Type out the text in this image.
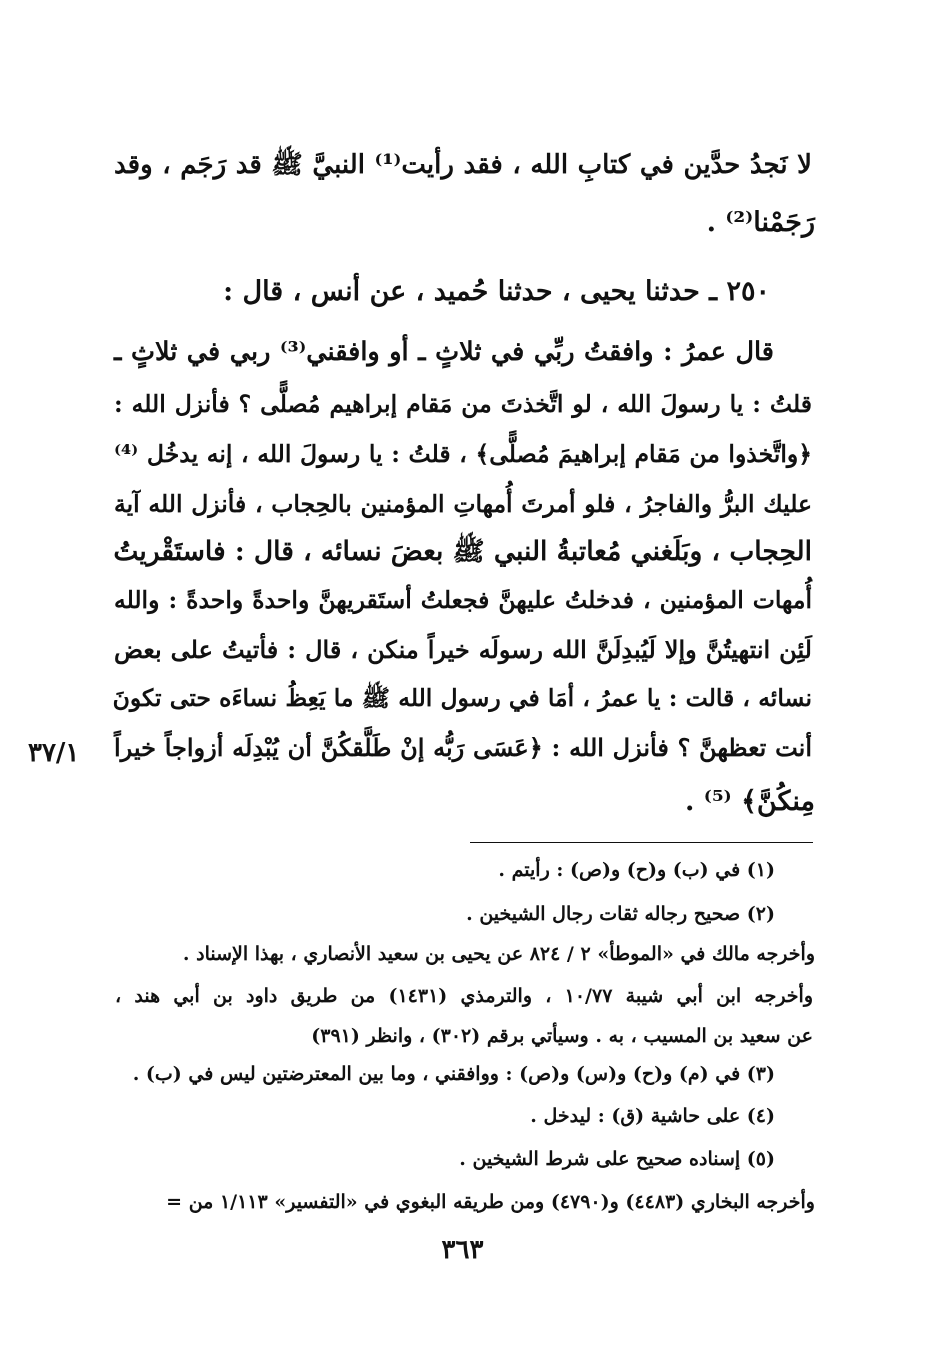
لا نَجدُ حدَّين في كتابِ الله ، فقد رأيت⁽¹⁾ النبيَّ ﷺ قد رَجَم ، وقد

رَجَمْنا⁽²⁾ .

٢٥٠ ـ حدثنا يحيى ، حدثنا حُميد ، عن أنس ، قال :

قال عمرُ : وافقتُ ربِّي في ثلاثٍ ـ أو وافقني⁽³⁾ ربي في ثلاثٍ ـ

قلتُ : يا رسولَ الله ، لو اتَّخذتَ من مَقام إبراهيم مُصلًّى ؟ فأنزل الله :

﴿واتَّخذوا من مَقام إبراهيمَ مُصلًّى﴾ ، قلتُ : يا رسولَ الله ، إنه يدخُل ⁽⁴⁾

عليك البرُّ والفاجرُ ، فلو أمرتَ أُمهاتِ المؤمنين بالحِجاب ، فأنزل الله آية

الحِجاب ، وبَلَغني مُعاتبةُ النبي ﷺ بعضَ نسائه ، قال : فاستَقْريتُ

أُمهات المؤمنين ، فدخلتُ عليهنَّ فجعلتُ أستَقريهنَّ واحدةً واحدةً : والله

لَئِن انتهيتُنَّ وإلا لَيُبدِلَنَّ الله رسولَه خيراً منكن ، قال : فأتيتُ على بعض

نسائه ، قالت : يا عمرُ ، أمَا في رسول الله ﷺ ما يَعِظُ نساءَه حتى تكونَ

أنت تعظهنَّ ؟ فأنزل الله : ﴿عَسَى رَبُّه إنْ طَلَّقكُنَّ أن يُبْدِلَه أزواجاً خيراً

مِنكُنَّ﴾ ⁽⁵⁾ .

٣٧/١

(١) في (ب) و(ح) و(ص) : رأيتم .

(٢) صحيح رجاله ثقات رجال الشيخين .

وأخرجه مالك في «الموطأ» ٢ / ٨٢٤ عن يحيى بن سعيد الأنصاري ، بهذا الإسناد .

وأخرجه ابن أبي شيبة ١٠/٧٧ ، والترمذي (١٤٣١) من طريق داود بن أبي هند ،

عن سعيد بن المسيب ، به . وسيأتي برقم (٣٠٢) ، وانظر (٣٩١)

(٣) في (م) و(ح) و(س) و(ص) : ووافقني ، وما بين المعترضتين ليس في (ب) .

(٤) على حاشية (ق) : ليدخل .

(٥) إسناده صحيح على شرط الشيخين .

وأخرجه البخاري (٤٤٨٣) و(٤٧٩٠) ومن طريقه البغوي في «التفسير» ١/١١٣ من =

٣٦٣
